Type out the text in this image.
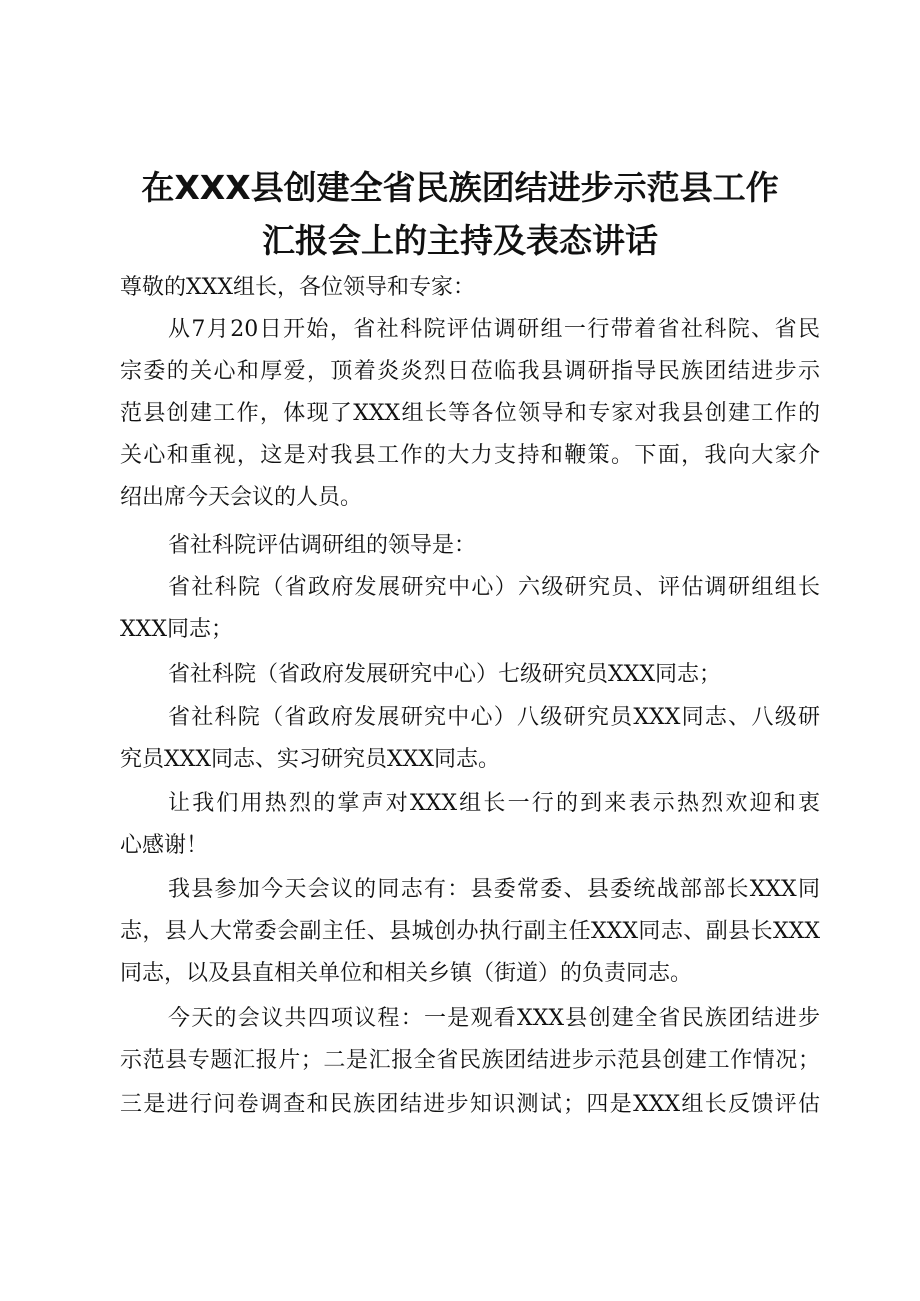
在XXX县创建全省民族团结进步示范县工作
汇报会上的主持及表态讲话
尊敬的XXX组长，各位领导和专家：
从7月20日开始，省社科院评估调研组一行带着省社科院、省民
宗委的关心和厚爱，顶着炎炎烈日莅临我县调研指导民族团结进步示
范县创建工作，体现了XXX组长等各位领导和专家对我县创建工作的
关心和重视，这是对我县工作的大力支持和鞭策。下面，我向大家介
绍出席今天会议的人员。
省社科院评估调研组的领导是：
省社科院（省政府发展研究中心）六级研究员、评估调研组组长
XXX同志；
省社科院（省政府发展研究中心）七级研究员XXX同志；
省社科院（省政府发展研究中心）八级研究员XXX同志、八级研
究员XXX同志、实习研究员XXX同志。
让我们用热烈的掌声对XXX组长一行的到来表示热烈欢迎和衷
心感谢！
我县参加今天会议的同志有：县委常委、县委统战部部长XXX同
志，县人大常委会副主任、县城创办执行副主任XXX同志、副县长XXX
同志，以及县直相关单位和相关乡镇（街道）的负责同志。
今天的会议共四项议程：一是观看XXX县创建全省民族团结进步
示范县专题汇报片；二是汇报全省民族团结进步示范县创建工作情况；
三是进行问卷调查和民族团结进步知识测试；四是XXX组长反馈评估
